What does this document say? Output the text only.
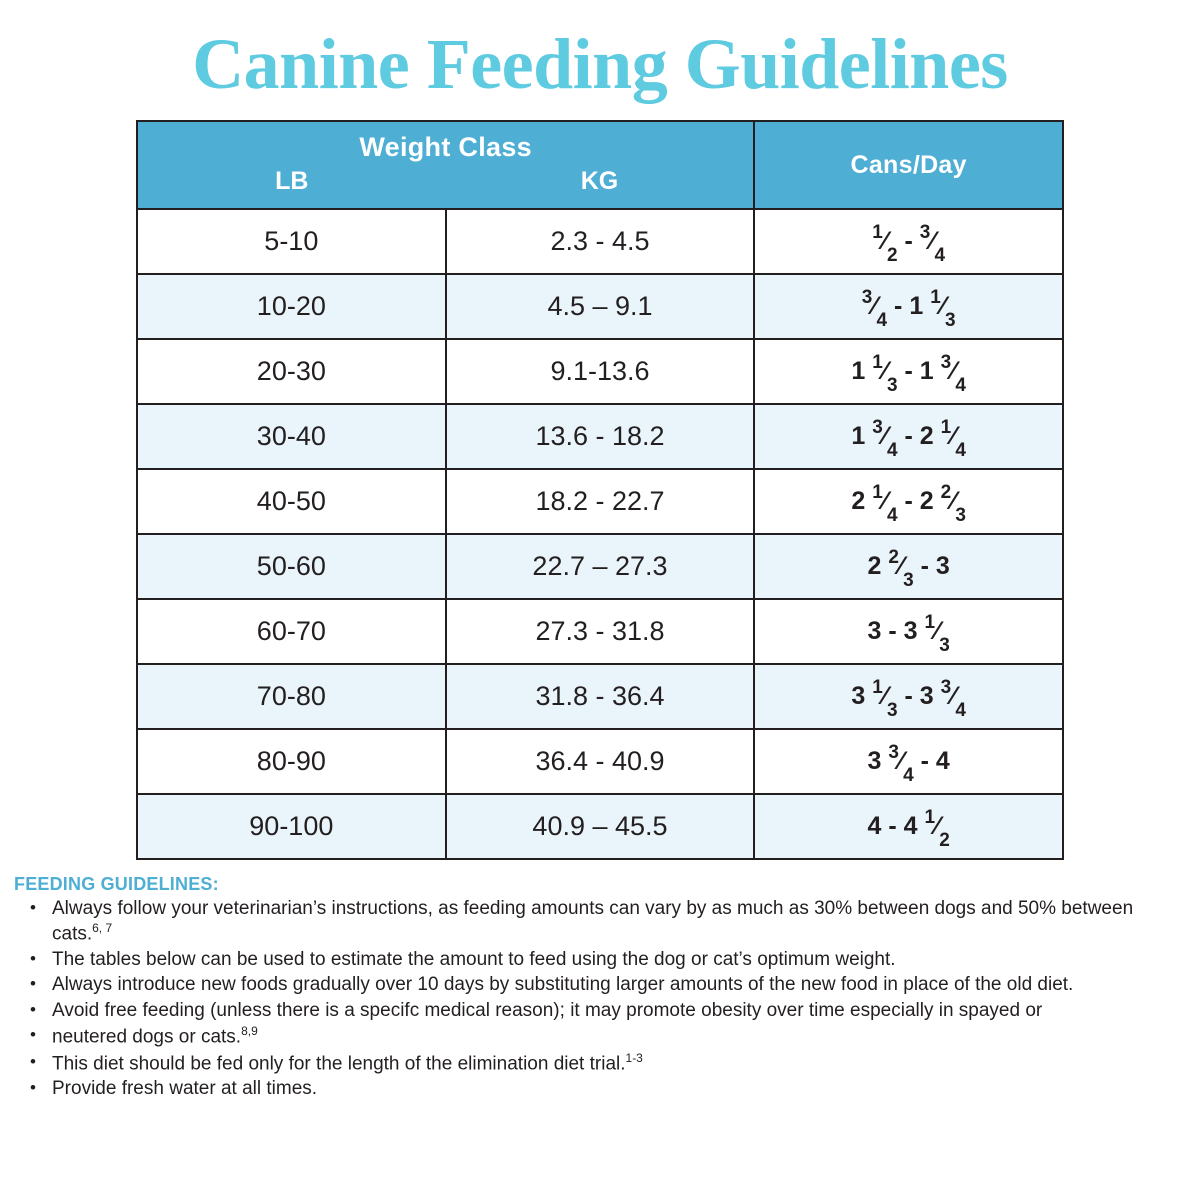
Canine Feeding Guidelines
Weight Class
LB KG		Cans/Day
5-10	2.3 - 4.5	$^1⁄_2$ - $^3⁄_4$
10-20	4.5 – 9.1	$^3⁄_4 - 1$ $^1⁄_3$
20-30	9.1-13.6	1 $^1⁄_3 - 1$ $^3⁄_4$
30-40	13.6 - 18.2	1 $^3⁄_4 - 2$ $^1⁄_4$
40-50	18.2 - 22.7	2 $^1⁄_4 - 2$ $^2⁄_3$
50-60	22.7 – 27.3	2 $^2⁄_3 - 3$
60-70	27.3 - 31.8	3 - 3 $^1⁄_3$
70-80	31.8 - 36.4	3 $^1⁄_3 - 3$ $^3⁄_4$
80-90	36.4 - 40.9	3 $^3⁄_4 - 4$
90-100	40.9 – 45.5	4 - 4 $^1⁄_2$
FEEDING GUIDELINES:
• Always follow your veterinarian’s instructions, as feeding amounts can vary by as much as 30% between dogs and 50% between cats.$^{6, 7}$
• The tables below can be used to estimate the amount to feed using the dog or cat’s optimum weight.
• Always introduce new foods gradually over 10 days by substituting larger amounts of the new food in place of the old diet.
• Avoid free feeding (unless there is a specifc medical reason); it may promote obesity over time especially in spayed or
• neutered dogs or cats.$^{8,9}$
• This diet should be fed only for the length of the elimination diet trial.$^{1-3}$
• Provide fresh water at all times.
